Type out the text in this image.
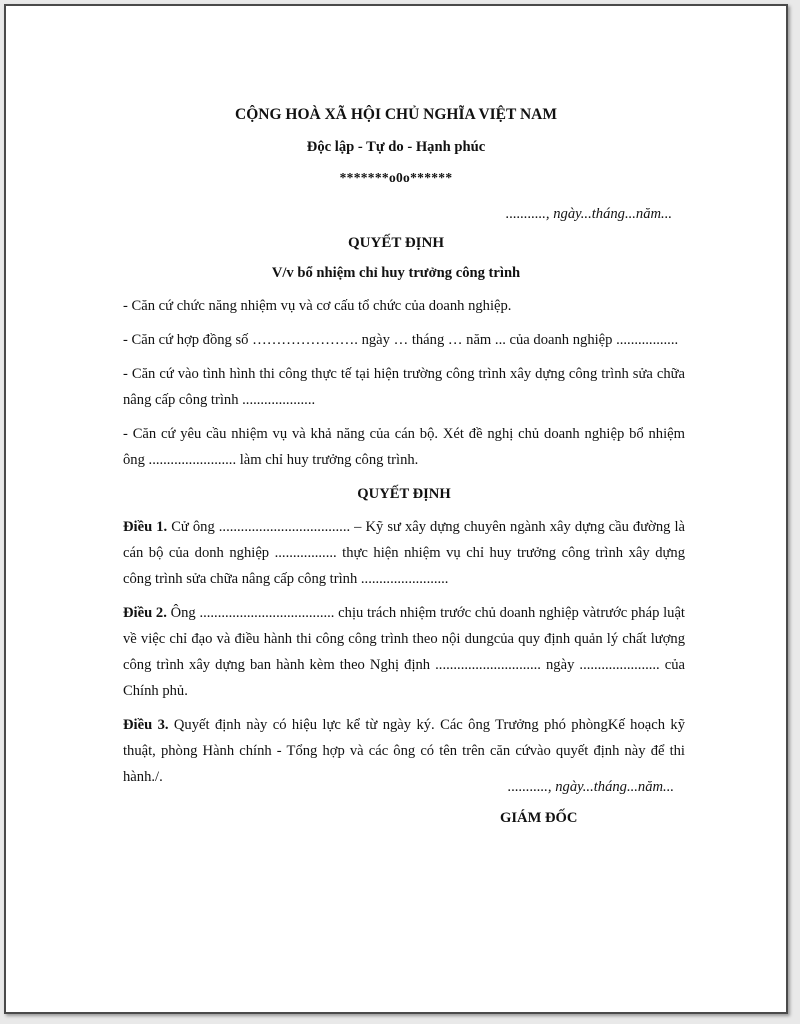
CỘNG HOÀ XÃ HỘI CHỦ NGHĨA VIỆT NAM
Độc lập - Tự do - Hạnh phúc
*******o0o******
..........., ngày...tháng...năm...
QUYẾT ĐỊNH
V/v bổ nhiệm chỉ huy trưởng công trình

- Căn cứ chức năng nhiệm vụ và cơ cấu tổ chức của doanh nghiệp.

- Căn cứ hợp đồng số …………………. ngày … tháng … năm ... của doanh nghiệp .................

- Căn cứ vào tình hình thi công thực tế tại hiện trường công trình xây dựng công trình sửa chữa nâng cấp công trình ....................

- Căn cứ yêu cầu nhiệm vụ và khả năng của cán bộ. Xét đề nghị chủ doanh nghiệp bổ nhiệm ông ........................ làm chỉ huy trưởng công trình.

QUYẾT ĐỊNH

Điều 1. Cử ông .................................... – Kỹ sư xây dựng chuyên ngành xây dựng cầu đường là cán bộ của donh nghiệp ................. thực hiện nhiệm vụ chỉ huy trưởng công trình xây dựng công trình sửa chữa nâng cấp công trình ........................

Điều 2. Ông ..................................... chịu trách nhiệm trước chủ doanh nghiệp vàtrước pháp luật về việc chỉ đạo và điều hành thi công công trình theo nội dungcủa quy định quản lý chất lượng công trình xây dựng ban hành kèm theo Nghị định ............................. ngày ...................... của Chính phủ.

Điều 3. Quyết định này có hiệu lực kể từ ngày ký. Các ông Trưởng phó phòngKế hoạch kỹ thuật, phòng Hành chính - Tổng hợp và các ông có tên trên căn cứvào quyết định này để thi hành./.

..........., ngày...tháng...năm...
GIÁM ĐỐC
